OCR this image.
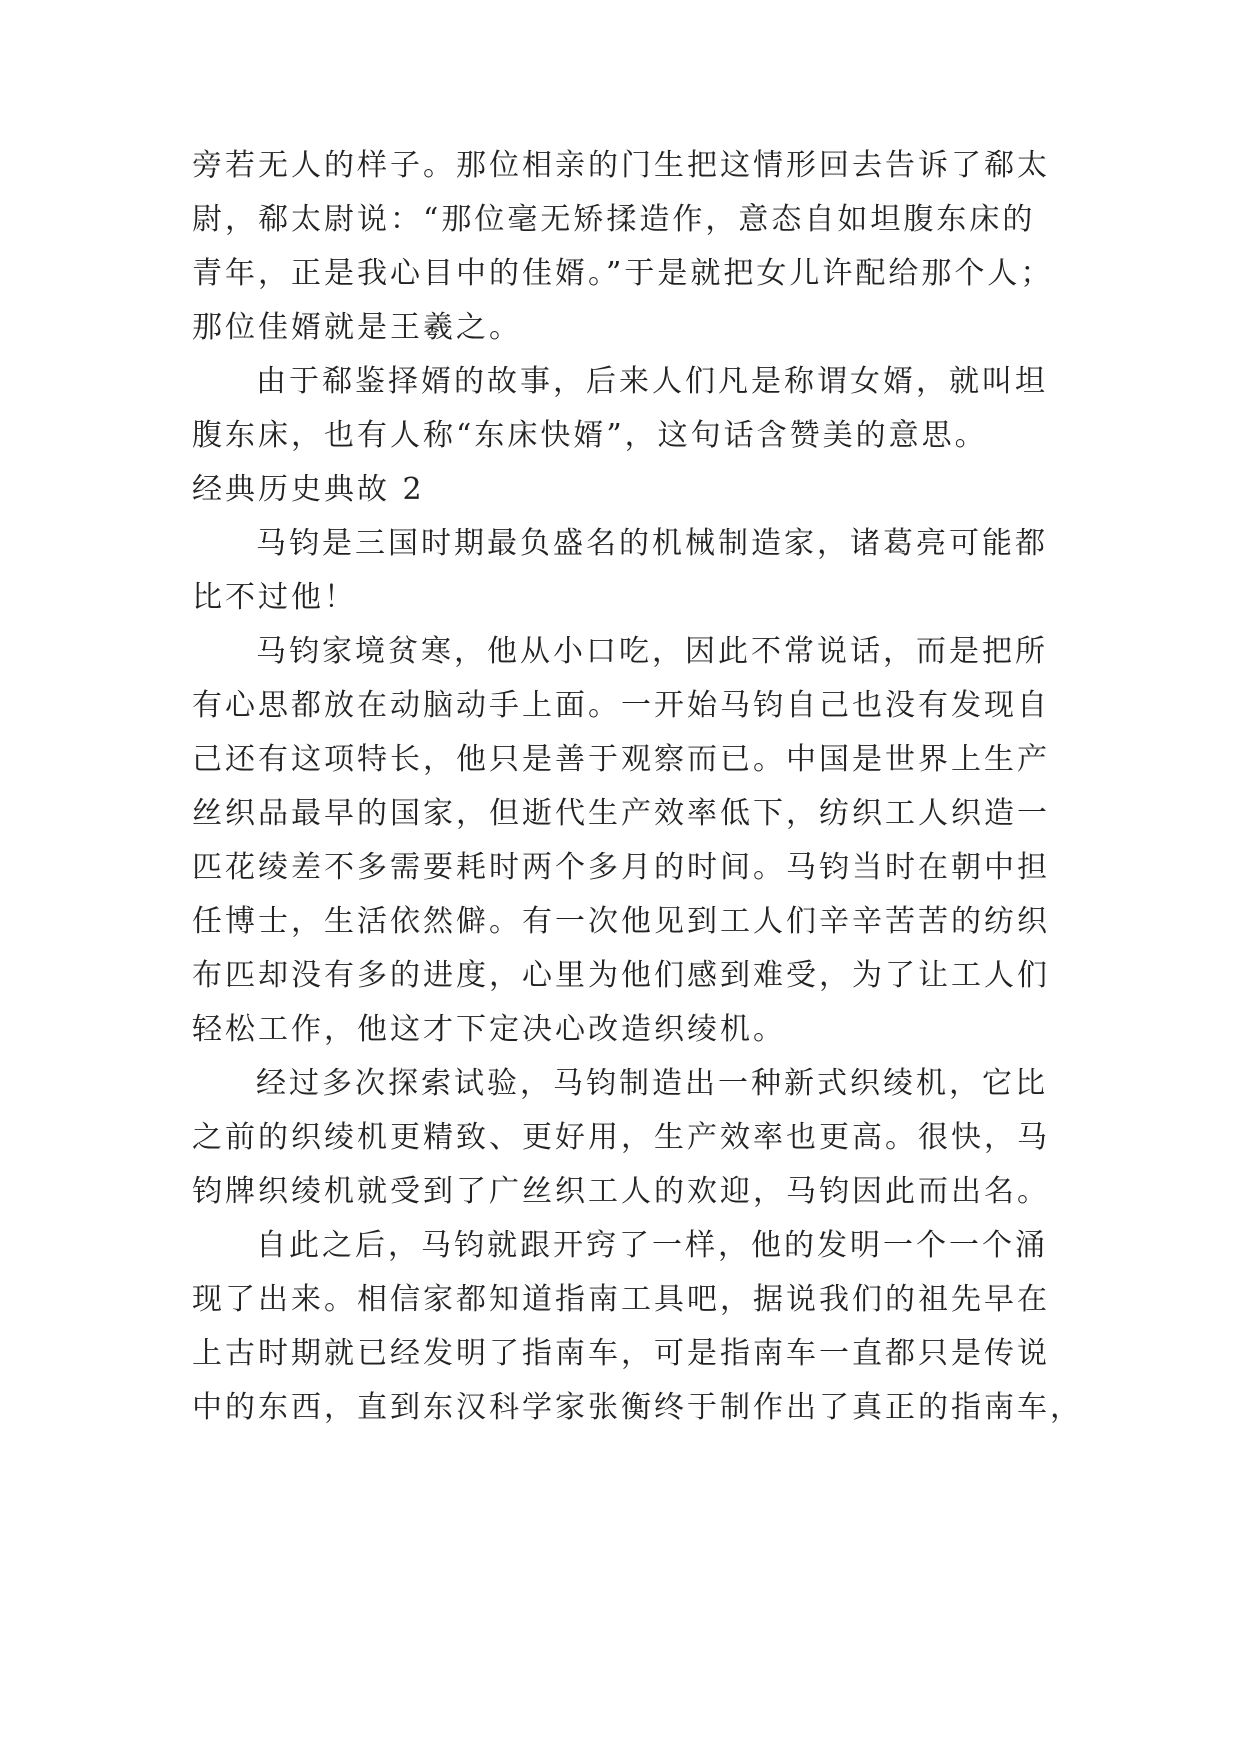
旁若无人的样子。那位相亲的门生把这情形回去告诉了郗太
尉，郗太尉说：“那位毫无矫揉造作，意态自如坦腹东床的
青年，正是我心目中的佳婿。”于是就把女儿许配给那个人；
那位佳婿就是王羲之。
由于郗鉴择婿的故事，后来人们凡是称谓女婿，就叫坦
腹东床，也有人称“东床快婿”，这句话含赞美的意思。
经典历史典故 2
马钧是三国时期最负盛名的机械制造家，诸葛亮可能都
比不过他！
马钧家境贫寒，他从小口吃，因此不常说话，而是把所
有心思都放在动脑动手上面。一开始马钧自己也没有发现自
己还有这项特长，他只是善于观察而已。中国是世界上生产
丝织品最早的国家，但逝代生产效率低下，纺织工人织造一
匹花绫差不多需要耗时两个多月的时间。马钧当时在朝中担
任博士，生活依然僻。有一次他见到工人们辛辛苦苦的纺织
布匹却没有多的进度，心里为他们感到难受，为了让工人们
轻松工作，他这才下定决心改造织绫机。
经过多次探索试验，马钧制造出一种新式织绫机，它比
之前的织绫机更精致、更好用，生产效率也更高。很快，马
钧牌织绫机就受到了广丝织工人的欢迎，马钧因此而出名。
自此之后，马钧就跟开窍了一样，他的发明一个一个涌
现了出来。相信家都知道指南工具吧，据说我们的祖先早在
上古时期就已经发明了指南车，可是指南车一直都只是传说
中的东西，直到东汉科学家张衡终于制作出了真正的指南车，
